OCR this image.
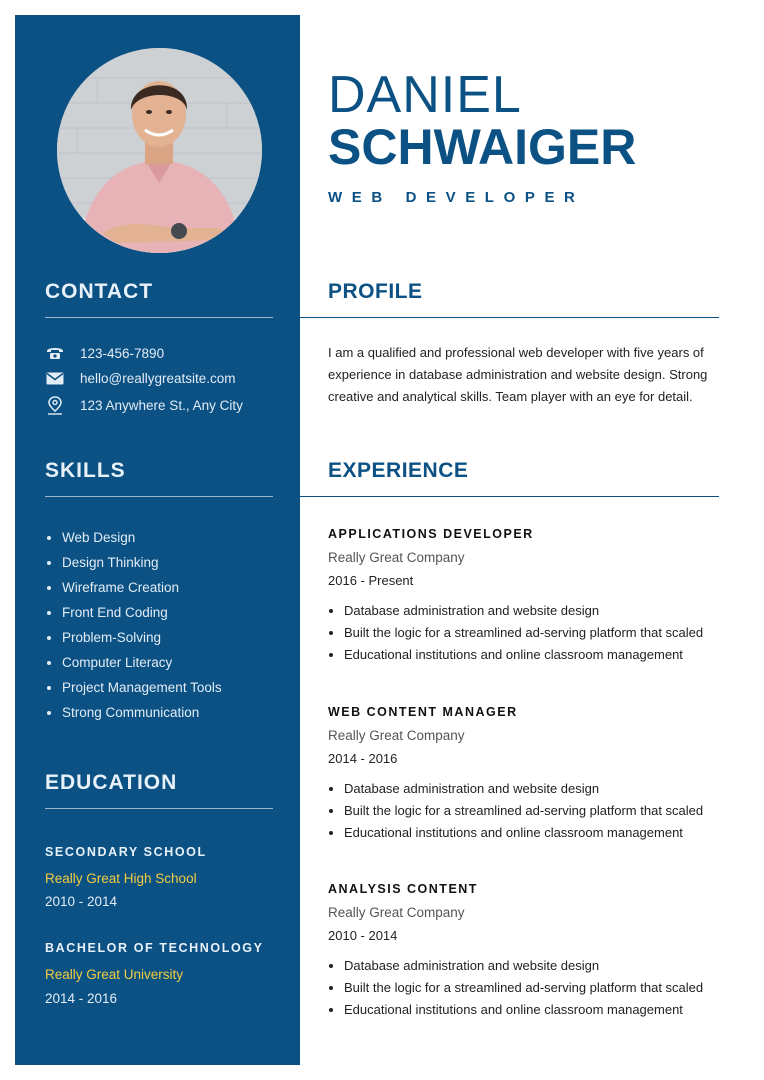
CONTACT
123-456-7890
hello@reallygreatsite.com
123 Anywhere St., Any City
SKILLS
Web Design
Design Thinking
Wireframe Creation
Front End Coding
Problem-Solving
Computer Literacy
Project Management Tools
Strong Communication
EDUCATION
SECONDARY SCHOOL
Really Great High School
2010 - 2014
BACHELOR OF TECHNOLOGY
Really Great University
2014 - 2016
DANIEL
SCHWAIGER
WEB DEVELOPER
PROFILE

I am a qualified and professional web developer with five years of experience in database administration and website design. Strong creative and analytical skills. Team player with an eye for detail.

EXPERIENCE
APPLICATIONS DEVELOPER
Really Great Company
2016 - Present
Database administration and website design
Built the logic for a streamlined ad-serving platform that scaled
Educational institutions and online classroom management
WEB CONTENT MANAGER
Really Great Company
2014 - 2016
Database administration and website design
Built the logic for a streamlined ad-serving platform that scaled
Educational institutions and online classroom management
ANALYSIS CONTENT
Really Great Company
2010 - 2014
Database administration and website design
Built the logic for a streamlined ad-serving platform that scaled
Educational institutions and online classroom management
